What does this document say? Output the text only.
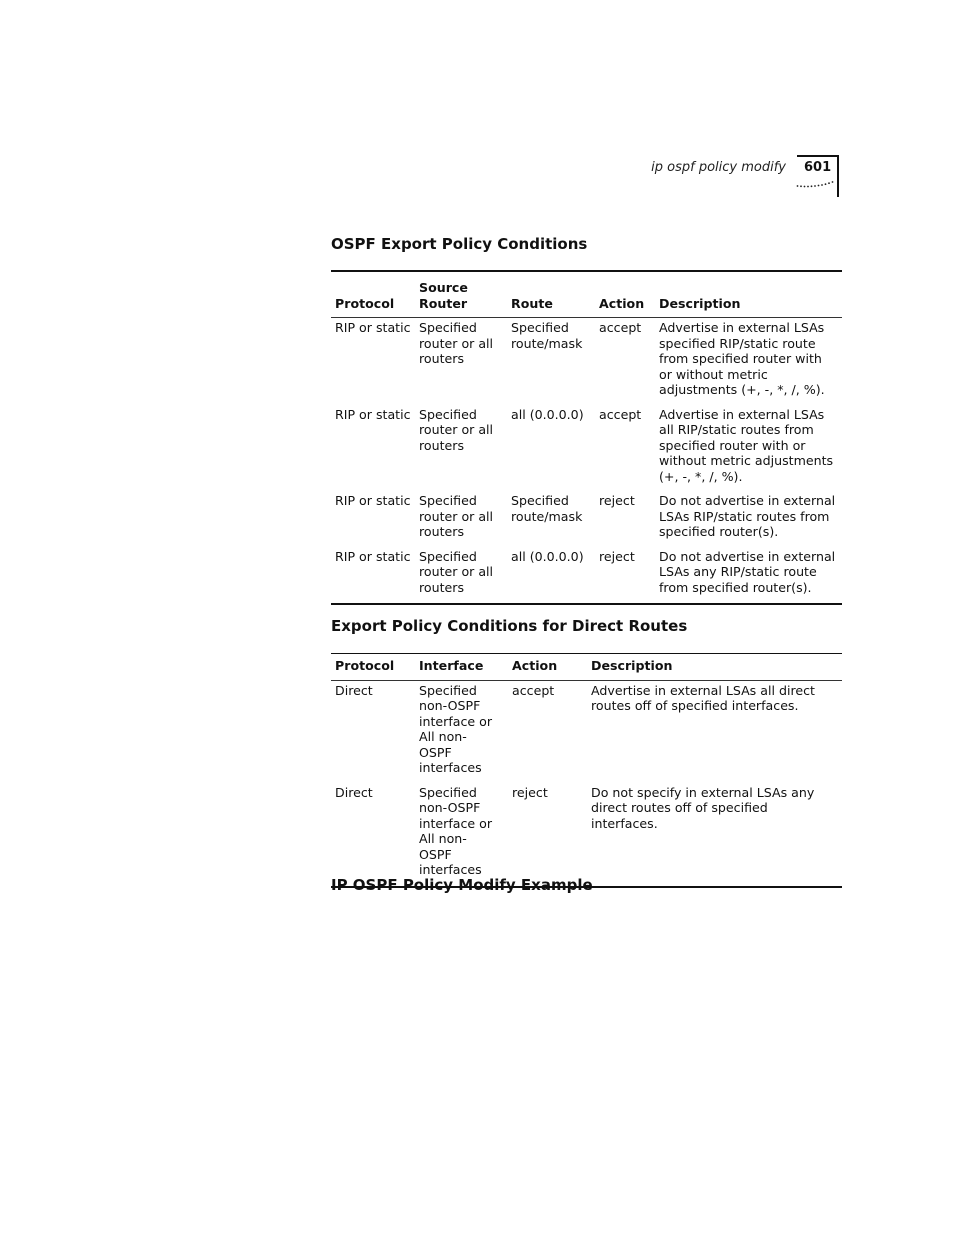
ip ospf policy modify 601
OSPF Export Policy Conditions
Protocol	Source Router	Route	Action	Description
RIP or static	Specified router or all routers	Specified route/mask	accept	Advertise in external LSAs specified RIP/static route from specified router with or without metric adjustments (+, -, *, /, %).
RIP or static	Specified router or all routers	all (0.0.0.0)	accept	Advertise in external LSAs all RIP/static routes from specified router with or without metric adjustments (+, -, *, /, %).
RIP or static	Specified router or all routers	Specified route/mask	reject	Do not advertise in external LSAs RIP/static routes from specified router(s).
RIP or static	Specified router or all routers	all (0.0.0.0)	reject	Do not advertise in external LSAs any RIP/static route from specified router(s).
Export Policy Conditions for Direct Routes
Protocol	Interface	Action	Description
Direct	Specified non-OSPF interface or All non-OSPF interfaces	accept	Advertise in external LSAs all direct routes off of specified interfaces.
Direct	Specified non-OSPF interface or All non-OSPF interfaces	reject	Do not specify in external LSAs any direct routes off of specified interfaces.
IP OSPF Policy Modify Example
